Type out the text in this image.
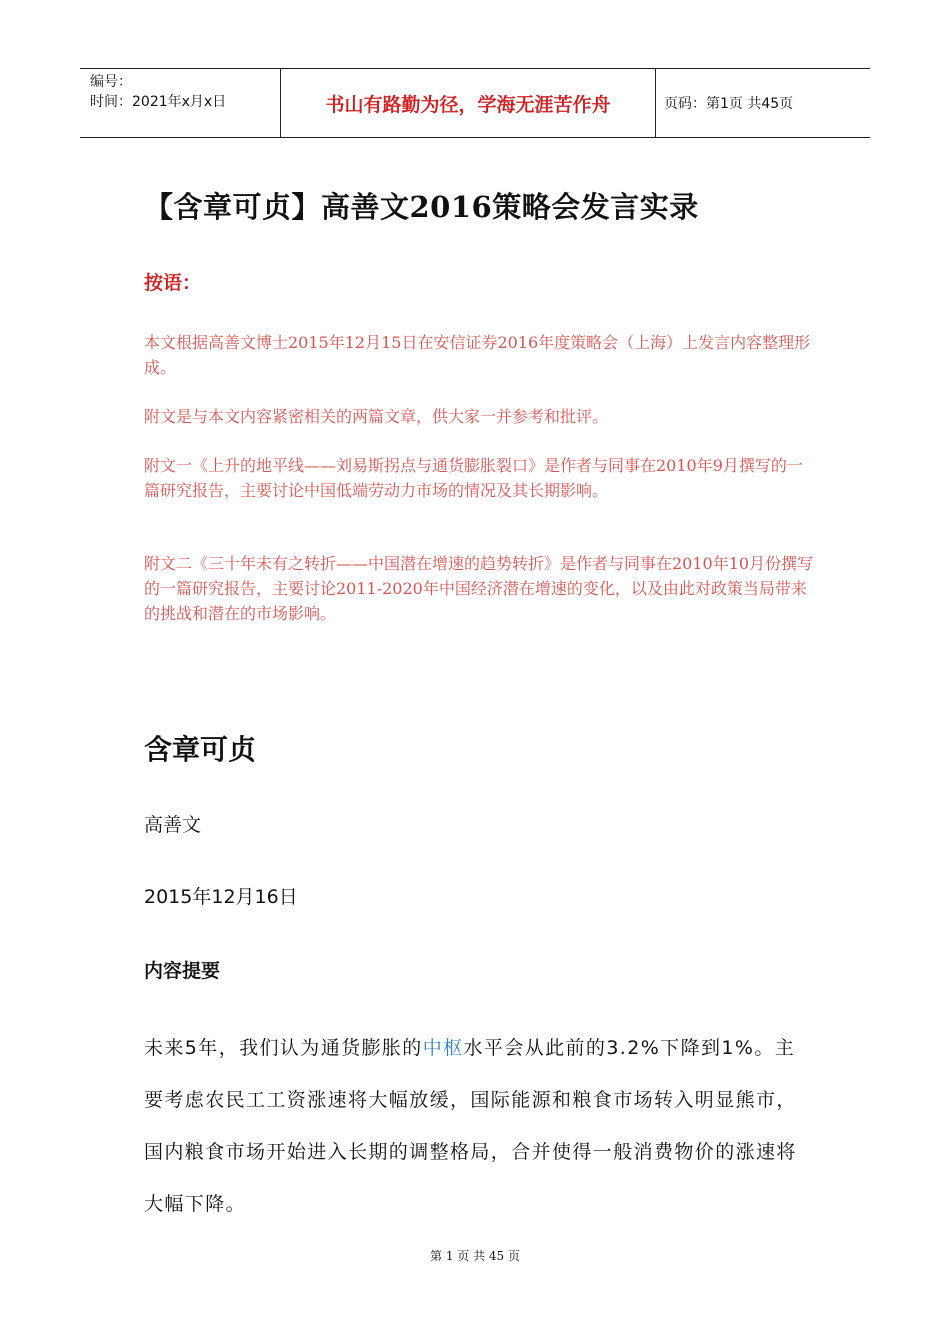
编号：
时间：2021年x月x日	书山有路勤为径，学海无涯苦作舟	页码：第1页 共45页
【含章可贞】高善文2016策略会发言实录
按语：
本文根据高善文博士2015年12月15日在安信证券2016年度策略会（上海）上发言内容整理形成。
附文是与本文内容紧密相关的两篇文章，供大家一并参考和批评。
附文一《上升的地平线——刘易斯拐点与通货膨胀裂口》是作者与同事在2010年9月撰写的一篇研究报告，主要讨论中国低端劳动力市场的情况及其长期影响。
附文二《三十年未有之转折——中国潜在增速的趋势转折》是作者与同事在2010年10月份撰写的一篇研究报告，主要讨论2011-2020年中国经济潜在增速的变化，以及由此对政策当局带来的挑战和潜在的市场影响。
含章可贞
高善文
2015年12月16日
内容提要
未来5年，我们认为通货膨胀的中枢水平会从此前的3.2%下降到1%。主要考虑农民工工资涨速将大幅放缓，国际能源和粮食市场转入明显熊市，国内粮食市场开始进入长期的调整格局，合并使得一般消费物价的涨速将大幅下降。
第 1 页 共 45 页
